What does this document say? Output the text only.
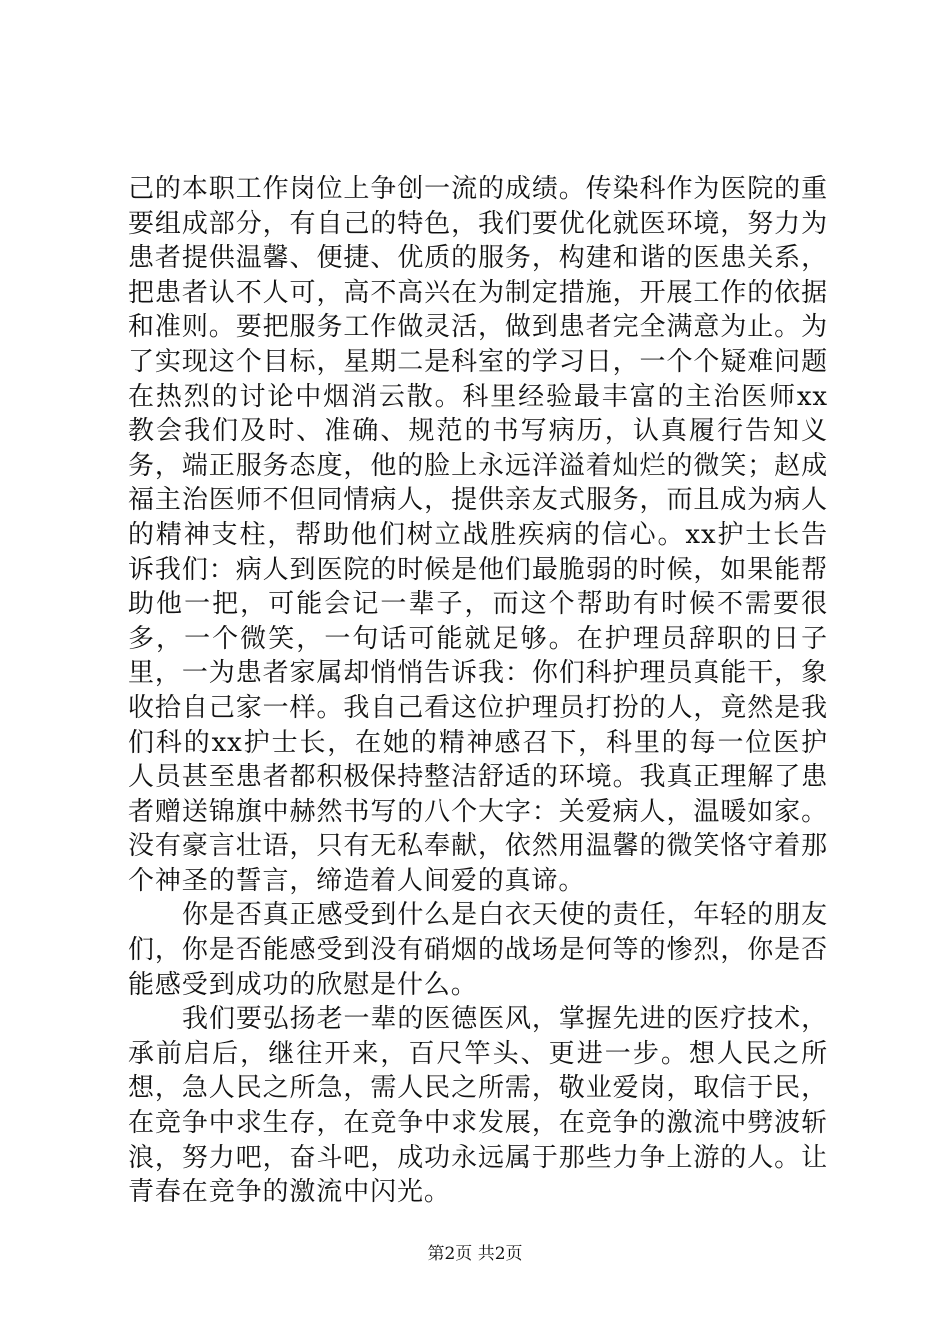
己的本职工作岗位上争创一流的成绩。传染科作为医院的重要组成部分，有自己的特色，我们要优化就医环境，努力为患者提供温馨、便捷、优质的服务，构建和谐的医患关系，把患者认不人可，高不高兴在为制定措施，开展工作的依据和准则。要把服务工作做灵活，做到患者完全满意为止。为了实现这个目标，星期二是科室的学习日，一个个疑难问题在热烈的讨论中烟消云散。科里经验最丰富的主治医师xx教会我们及时、准确、规范的书写病历，认真履行告知义务，端正服务态度，他的脸上永远洋溢着灿烂的微笑；赵成福主治医师不但同情病人，提供亲友式服务，而且成为病人的精神支柱，帮助他们树立战胜疾病的信心。xx护士长告诉我们：病人到医院的时候是他们最脆弱的时候，如果能帮助他一把，可能会记一辈子，而这个帮助有时候不需要很多，一个微笑，一句话可能就足够。在护理员辞职的日子里，一为患者家属却悄悄告诉我：你们科护理员真能干，象收拾自己家一样。我自己看这位护理员打扮的人，竟然是我们科的xx护士长，在她的精神感召下，科里的每一位医护人员甚至患者都积极保持整洁舒适的环境。我真正理解了患者赠送锦旗中赫然书写的八个大字：关爱病人，温暖如家。没有豪言壮语，只有无私奉献，依然用温馨的微笑恪守着那个神圣的誓言，缔造着人间爱的真谛。

你是否真正感受到什么是白衣天使的责任，年轻的朋友们，你是否能感受到没有硝烟的战场是何等的惨烈，你是否能感受到成功的欣慰是什么。

我们要弘扬老一辈的医德医风，掌握先进的医疗技术，承前启后，继往开来，百尺竿头、更进一步。想人民之所想，急人民之所急，需人民之所需，敬业爱岗，取信于民，在竞争中求生存，在竞争中求发展，在竞争的激流中劈波斩浪，努力吧，奋斗吧，成功永远属于那些力争上游的人。让青春在竞争的激流中闪光。

第2页 共2页
